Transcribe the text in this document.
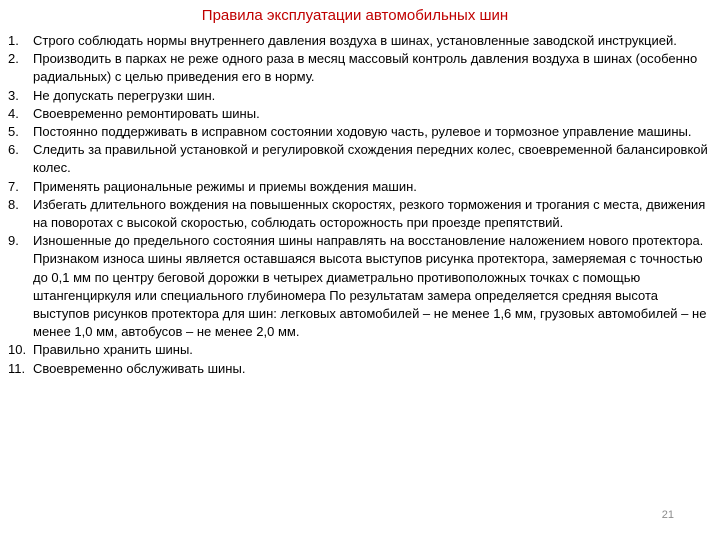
Правила эксплуатации автомобильных шин
1.	Строго соблюдать нормы внутреннего давления воздуха в шинах, установленные заводской инструкцией.
2.	Производить в парках не реже одного раза в месяц массовый контроль давления воздуха в шинах (особенно радиальных) с целью приведения его в норму.
3.	Не допускать перегрузки шин.
4.	Своевременно ремонтировать шины.
5.	Постоянно поддерживать в исправном состоянии ходовую часть, рулевое и тормозное управление машины.
6.	Следить за правильной установкой и регулировкой схождения передних колес, своевременной балансировкой колес.
7.	Применять рациональные режимы и приемы вождения машин.
8.	Избегать длительного вождения на повышенных скоростях, резкого торможения и трогания с места, движения на поворотах с высокой скоростью, соблюдать осторожность при проезде препятствий.
9.	Изношенные до предельного состояния шины направлять на восстановление наложением нового протектора. Признаком износа шины является оставшаяся высота выступов рисунка протектора, замеряемая с точностью до 0,1 мм по центру беговой дорожки в четырех диаметрально противоположных точках с помощью штангенциркуля или специального глубиномера По результатам замера определяется средняя высота выступов рисунков протектора для шин: легковых автомобилей – не менее 1,6 мм, грузовых автомобилей – не менее 1,0 мм, автобусов – не менее 2,0 мм.
10. Правильно хранить шины.
11. Своевременно обслуживать шины.
21
